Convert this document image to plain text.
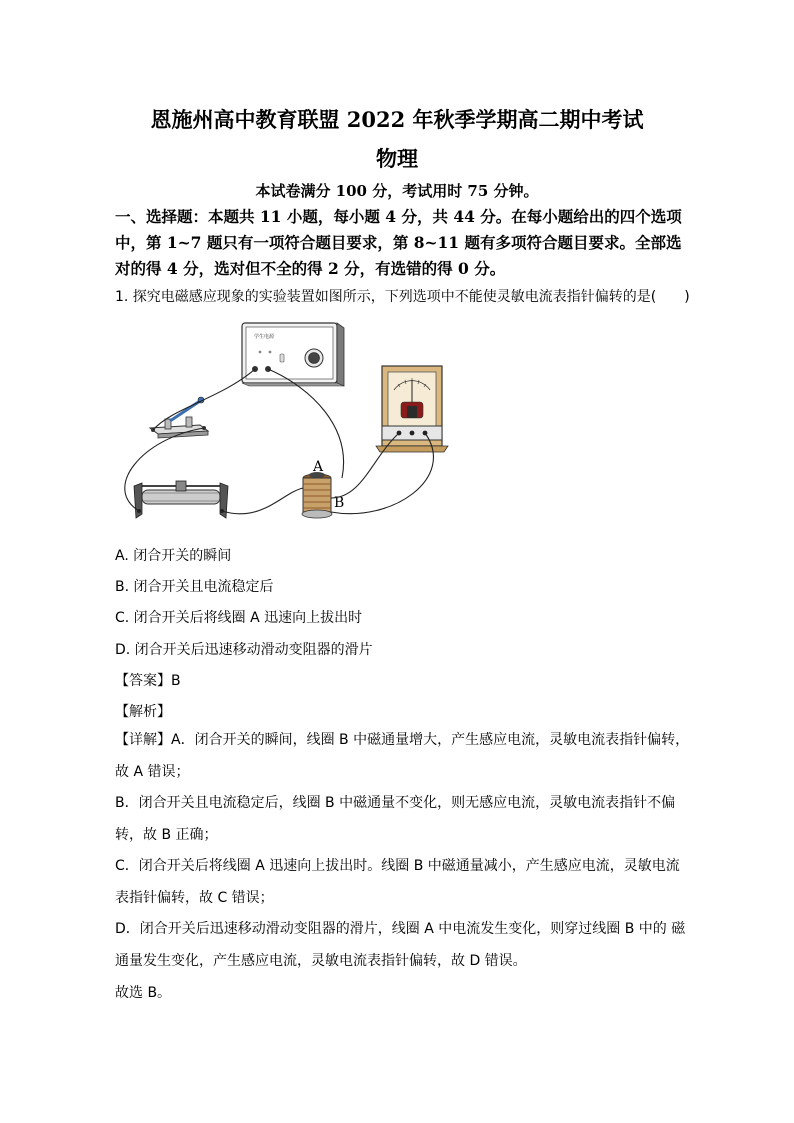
恩施州高中教育联盟 2022 年秋季学期高二期中考试
物理
本试卷满分 100 分，考试用时 75 分钟。
一、选择题：本题共 11 小题，每小题 4 分，共 44 分。在每小题给出的四个选项中，第 1~7 题只有一项符合题目要求，第 8~11 题有多项符合题目要求。全部选对的得 4 分，选对但不全的得 2 分，有选错的得 0 分。
1. 探究电磁感应现象的实验装置如图所示，下列选项中不能使灵敏电流表指针偏转的是(　　)
学生电源
A
B
A. 闭合开关的瞬间
B. 闭合开关且电流稳定后
C. 闭合开关后将线圈 A 迅速向上拔出时
D. 闭合开关后迅速移动滑动变阻器的滑片
【答案】B
【解析】
【详解】A．闭合开关的瞬间，线圈 B 中磁通量增大，产生感应电流，灵敏电流表指针偏转，故 A 错误；
B．闭合开关且电流稳定后，线圈 B 中磁通量不变化，则无感应电流，灵敏电流表指针不偏转，故 B 正确；
C．闭合开关后将线圈 A 迅速向上拔出时。线圈 B 中磁通量减小，产生感应电流，灵敏电流表指针偏转，故 C 错误；
D．闭合开关后迅速移动滑动变阻器的滑片，线圈 A 中电流发生变化，则穿过线圈 B 中的 磁通量发生变化，产生感应电流，灵敏电流表指针偏转，故 D 错误。
故选 B。
